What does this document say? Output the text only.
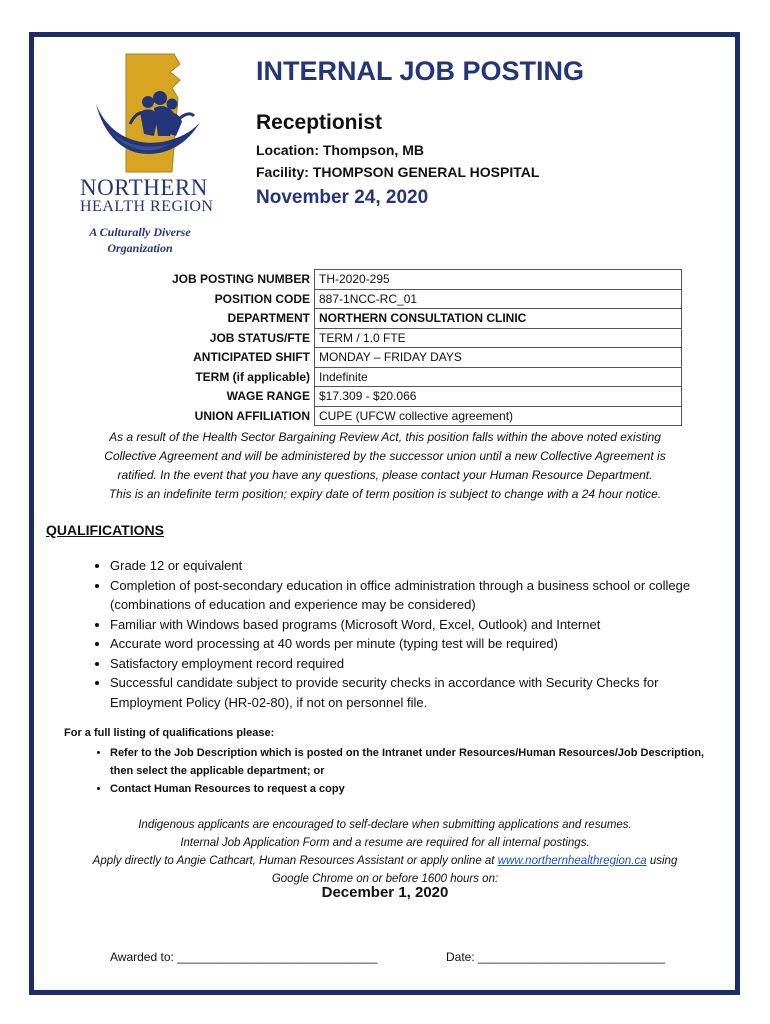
NORTHERN
HEALTH REGION
A Culturally Diverse
Organization
INTERNAL JOB POSTING
Receptionist
Location: Thompson, MB
Facility: THOMPSON GENERAL HOSPITAL
November 24, 2020
JOB POSTING NUMBER	TH-2020-295
POSITION CODE	887-1NCC-RC_01
DEPARTMENT	NORTHERN CONSULTATION CLINIC
JOB STATUS/FTE	TERM / 1.0 FTE
ANTICIPATED SHIFT	MONDAY – FRIDAY DAYS
TERM (if applicable)	Indefinite
WAGE RANGE	$17.309 - $20.066
UNION AFFILIATION	CUPE (UFCW collective agreement)
As a result of the Health Sector Bargaining Review Act, this position falls within the above noted existing
Collective Agreement and will be administered by the successor union until a new Collective Agreement is
ratified. In the event that you have any questions, please contact your Human Resource Department.
This is an indefinite term position; expiry date of term position is subject to change with a 24 hour notice.
QUALIFICATIONS
• Grade 12 or equivalent
• Completion of post-secondary education in office administration through a business school or college (combinations of education and experience may be considered)
• Familiar with Windows based programs (Microsoft Word, Excel, Outlook) and Internet
• Accurate word processing at 40 words per minute (typing test will be required)
• Satisfactory employment record required
• Successful candidate subject to provide security checks in accordance with Security Checks for Employment Policy (HR-02-80), if not on personnel file.
For a full listing of qualifications please:
• Refer to the Job Description which is posted on the Intranet under Resources/Human Resources/Job Description, then select the applicable department; or
• Contact Human Resources to request a copy
Indigenous applicants are encouraged to self-declare when submitting applications and resumes.
Internal Job Application Form and a resume are required for all internal postings.
Apply directly to Angie Cathcart, Human Resources Assistant or apply online at www.northernhealthregion.ca using
Google Chrome on or before 1600 hours on:
December 1, 2020
Awarded to: ______________________________	Date: ____________________________
